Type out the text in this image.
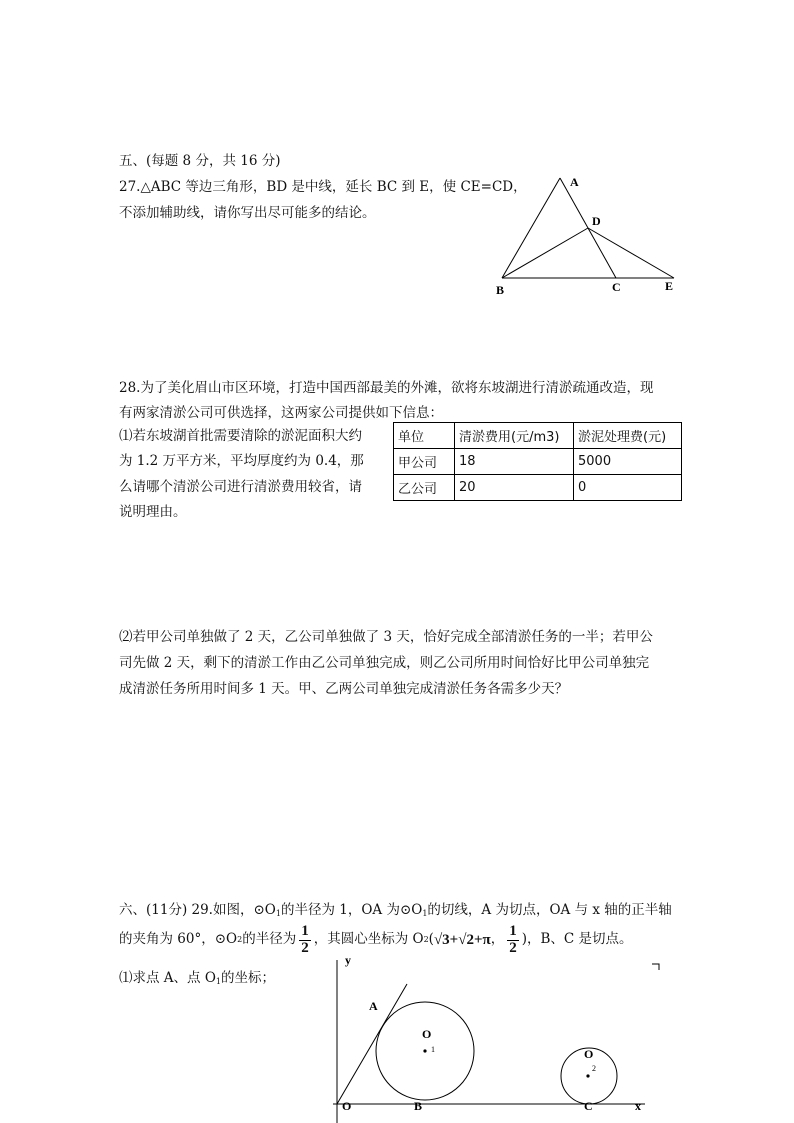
五、(每题 8 分，共 16 分)
27.△ABC 等边三角形，BD 是中线，延长 BC 到 E，使 CE=CD，
不添加辅助线，请你写出尽可能多的结论。
A
D
B	C	E
28.为了美化眉山市区环境，打造中国西部最美的外滩，欲将东坡湖进行清淤疏通改造，现
有两家清淤公司可供选择，这两家公司提供如下信息：
⑴若东坡湖首批需要清除的淤泥面积大约
为 1.2 万平方米，平均厚度约为 0.4，那
么请哪个清淤公司进行清淤费用较省，请
说明理由。
单位	清淤费用(元/m3)	淤泥处理费(元)
甲公司	18	5000
乙公司	20	0
⑵若甲公司单独做了 2 天，乙公司单独做了 3 天，恰好完成全部清淤任务的一半；若甲公
司先做 2 天，剩下的清淤工作由乙公司单独完成，则乙公司所用时间恰好比甲公司单独完
成清淤任务所用时间多 1 天。甲、乙两公司单独完成清淤任务各需多少天？
六、(11分) 29.如图，$⊙O_1$的半径为 1，OA 为$⊙O_1$的切线，A 为切点，OA 与 x 轴的正半轴
的夹角为 60°，⊙O 2 的半径为 $\frac{1}{2}$ ，其圆心坐标为 O 2 ( √3+√2+π ， $\frac{1}{2}$ )，B、C 是切点。
⑴求点 A、点 $O_1$的坐标；
y
x
O
A
B	C
O
O
1
2
